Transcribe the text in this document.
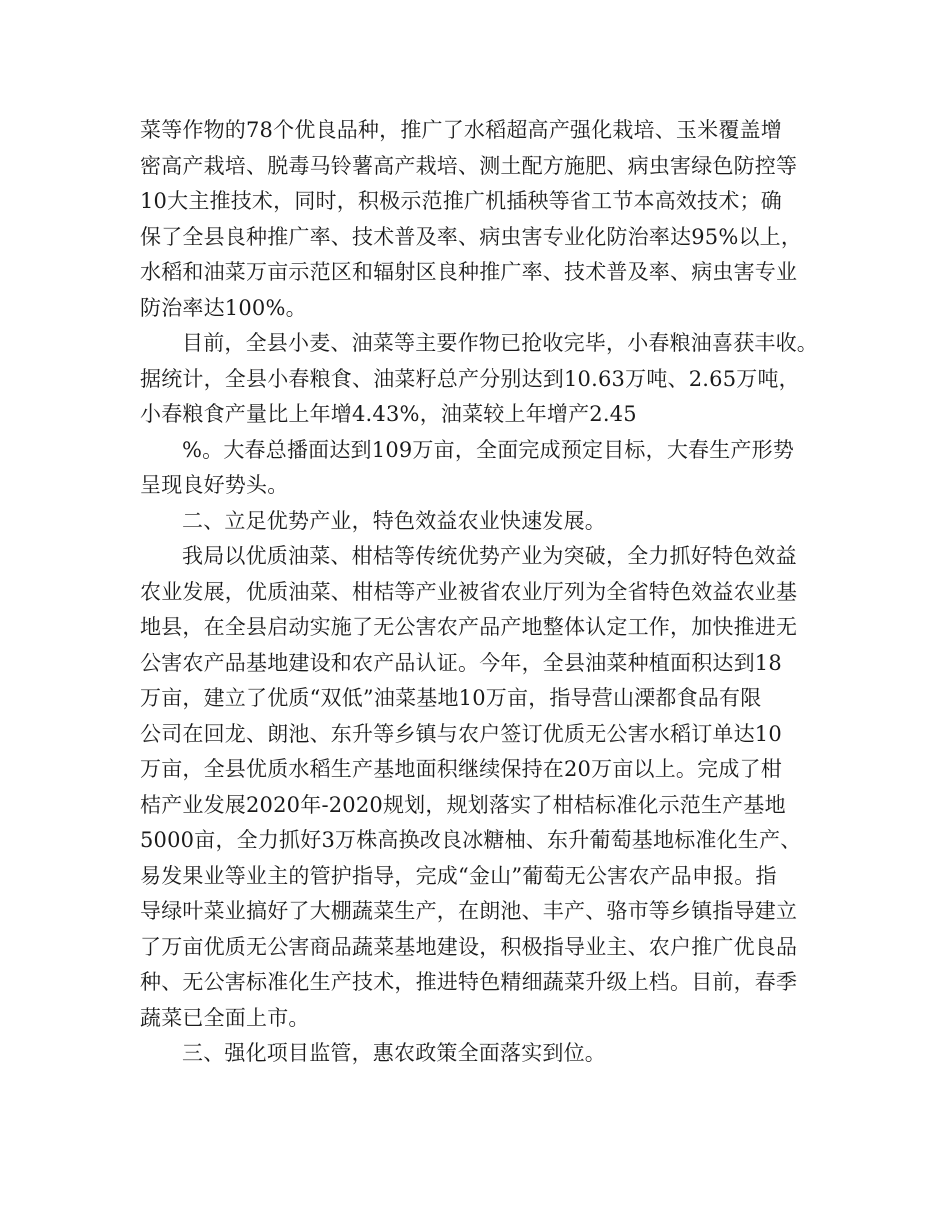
菜等作物的78个优良品种，推广了水稻超高产强化栽培、玉米覆盖增
密高产栽培、脱毒马铃薯高产栽培、测土配方施肥、病虫害绿色防控等
10大主推技术，同时，积极示范推广机插秧等省工节本高效技术；确
保了全县良种推广率、技术普及率、病虫害专业化防治率达95%以上，
水稻和油菜万亩示范区和辐射区良种推广率、技术普及率、病虫害专业
防治率达100%。
目前，全县小麦、油菜等主要作物已抢收完毕，小春粮油喜获丰收。
据统计，全县小春粮食、油菜籽总产分别达到10.63万吨、2.65万吨，
小春粮食产量比上年增4.43%，油菜较上年增产2.45
%。大春总播面达到109万亩，全面完成预定目标，大春生产形势
呈现良好势头。
二、立足优势产业，特色效益农业快速发展。
我局以优质油菜、柑桔等传统优势产业为突破，全力抓好特色效益
农业发展，优质油菜、柑桔等产业被省农业厅列为全省特色效益农业基
地县，在全县启动实施了无公害农产品产地整体认定工作，加快推进无
公害农产品基地建设和农产品认证。今年，全县油菜种植面积达到18
万亩，建立了优质“双低”油菜基地10万亩，指导营山溧都食品有限
公司在回龙、朗池、东升等乡镇与农户签订优质无公害水稻订单达10
万亩，全县优质水稻生产基地面积继续保持在20万亩以上。完成了柑
桔产业发展2020年-2020规划，规划落实了柑桔标准化示范生产基地
5000亩，全力抓好3万株高换改良冰糖柚、东升葡萄基地标准化生产、
易发果业等业主的管护指导，完成“金山”葡萄无公害农产品申报。指
导绿叶菜业搞好了大棚蔬菜生产，在朗池、丰产、骆市等乡镇指导建立
了万亩优质无公害商品蔬菜基地建设，积极指导业主、农户推广优良品
种、无公害标准化生产技术，推进特色精细蔬菜升级上档。目前，春季
蔬菜已全面上市。
三、强化项目监管，惠农政策全面落实到位。
